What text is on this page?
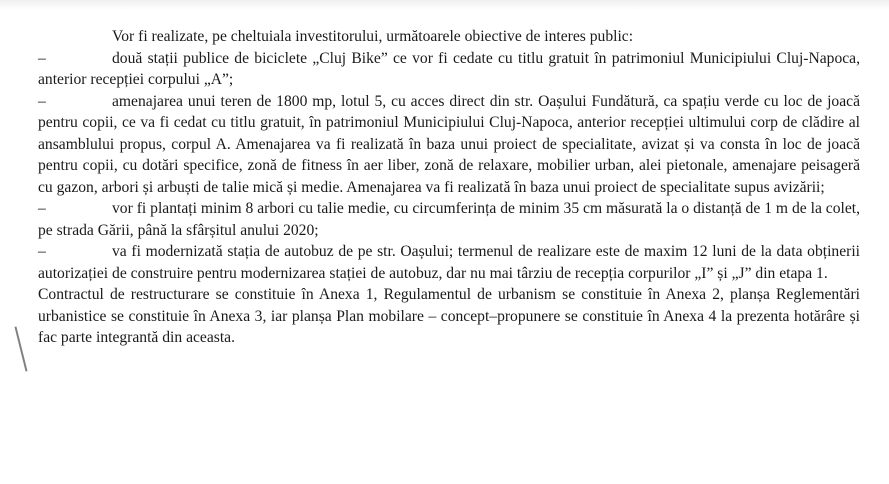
Vor fi realizate, pe cheltuiala investitorului, următoarele obiective de interes public:

–	două stații publice de biciclete „Cluj Bike” ce vor fi cedate cu titlu gratuit în patrimoniul Municipiului Cluj-Napoca, anterior recepției corpului „A”;

–	amenajarea unui teren de 1800 mp, lotul 5, cu acces direct din str. Oașului Fundătură, ca spațiu verde cu loc de joacă pentru copii, ce va fi cedat cu titlu gratuit, în patrimoniul Municipiului Cluj-Napoca, anterior recepției ultimului corp de clădire al ansamblului propus, corpul A. Amenajarea va fi realizată în baza unui proiect de specialitate, avizat și va consta în loc de joacă pentru copii, cu dotări specifice, zonă de fitness în aer liber, zonă de relaxare, mobilier urban, alei pietonale, amenajare peisageră cu gazon, arbori și arbuști de talie mică și medie. Amenajarea va fi realizată în baza unui proiect de specialitate supus avizării;

–	vor fi plantați minim 8 arbori cu talie medie, cu circumferința de minim 35 cm măsurată la o distanță de 1 m de la colet, pe strada Gării, până la sfârșitul anului 2020;

–	va fi modernizată stația de autobuz de pe str. Oașului; termenul de realizare este de maxim 12 luni de la data obținerii autorizației de construire pentru modernizarea stației de autobuz, dar nu mai târziu de recepția corpurilor „I” și „J” din etapa 1.

Contractul de restructurare se constituie în Anexa 1, Regulamentul de urbanism se constituie în Anexa 2, planșa Reglementări urbanistice se constituie în Anexa 3, iar planșa Plan mobilare – concept–propunere se constituie în Anexa 4 la prezenta hotărâre și fac parte integrantă din aceasta.
